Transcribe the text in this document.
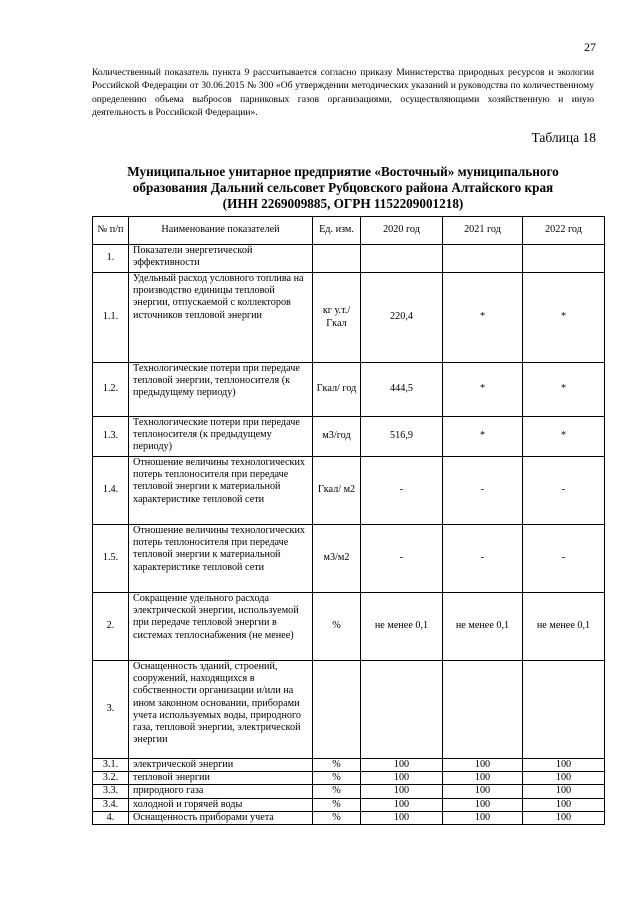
27
Количественный показатель пункта 9 рассчитывается согласно приказу Министерства природных ресурсов и экологии Российской Федерации от 30.06.2015 № 300 «Об утверждении методических указаний и руководства по количественному определению объема выбросов парниковых газов организациями, осуществляющими хозяйственную и иную деятельность в Российской Федерации».
Таблица 18
Муниципальное унитарное предприятие «Восточный» муниципального
образования Дальний сельсовет Рубцовского района Алтайского края
(ИНН 2269009885, ОГРН 1152209001218)
№ п/п	Наименование показателей	Ед. изм.	2020 год	2021 год	2022 год
1.	Показатели энергетической эффективности				
1.1.	Удельный расход условного топлива на производство единицы тепловой энергии, отпускаемой с коллекторов источников тепловой энергии	кг у.т./ Гкал	220,4	*	*
1.2.	Технологические потери при передаче тепловой энергии, теплоносителя (к предыдущему периоду)	Гкал/ год	444,5	*	*
1.3.	Технологические потери при передаче теплоносителя (к предыдущему периоду)	м3/год	516,9	*	*
1.4.	Отношение величины технологических потерь теплоносителя при передаче тепловой энергии к материальной характеристике тепловой сети	Гкал/ м2	-	-	-
1.5.	Отношение величины технологических потерь теплоносителя при передаче тепловой энергии к материальной характеристике тепловой сети	м3/м2	-	-	-
2.	Сокращение удельного расхода электрической энергии, используемой при передаче тепловой энергии в системах теплоснабжения (не менее)	%	не менее 0,1	не менее 0,1	не менее 0,1
3.	Оснащенность зданий, строений, сооружений, находящихся в собственности организации и/или на ином законном основании, приборами учета используемых воды, природного газа, тепловой энергии, электрической энергии				
3.1.	электрической энергии	%	100	100	100
3.2.	тепловой энергии	%	100	100	100
3.3.	природного газа	%	100	100	100
3.4.	холодной и горячей воды	%	100	100	100
4.	Оснащенность приборами учета	%	100	100	100
